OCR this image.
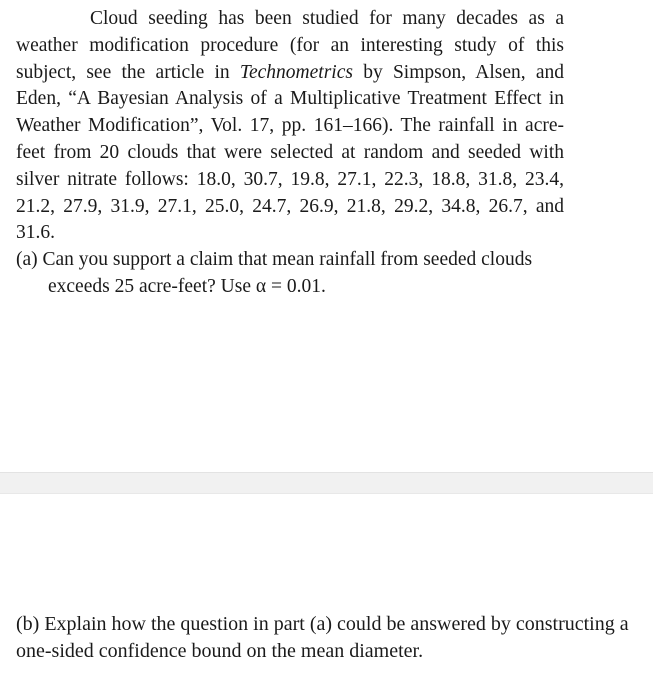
Cloud seeding has been studied for many decades as a weather modification procedure (for an interesting study of this subject, see the article in Technometrics by Simpson, Alsen, and Eden, “A Bayesian Analysis of a Multiplicative Treatment Effect in Weather Modification”, Vol. 17, pp. 161–166). The rainfall in acre-feet from 20 clouds that were selected at random and seeded with silver nitrate follows: 18.0, 30.7, 19.8, 27.1, 22.3, 18.8, 31.8, 23.4, 21.2, 27.9, 31.9, 27.1, 25.0, 24.7, 26.9, 21.8, 29.2, 34.8, 26.7, and 31.6.

(a) Can you support a claim that mean rainfall from seeded clouds exceeds 25 acre-feet? Use α = 0.01.

(b) Explain how the question in part (a) could be answered by constructing a one-sided confidence bound on the mean diameter.
